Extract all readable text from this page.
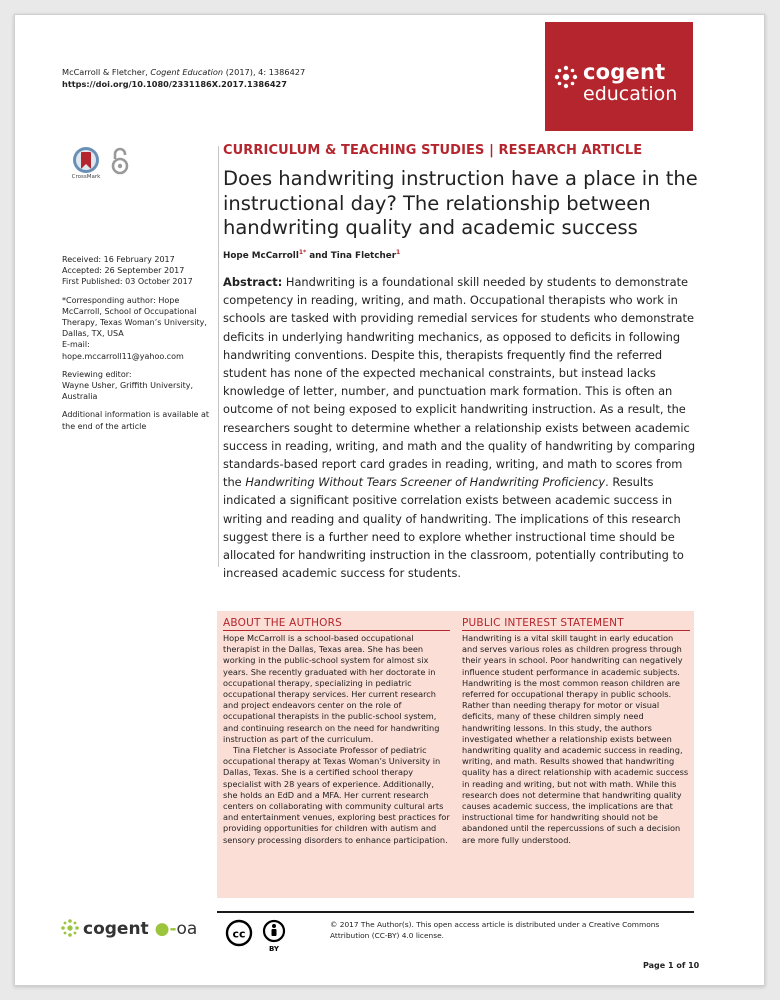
McCarroll & Fletcher, Cogent Education (2017), 4: 1386427
https://doi.org/10.1080/2331186X.2017.1386427	cogent
education
CrossMark

Received: 16 February 2017

Accepted: 26 September 2017

First Published: 03 October 2017

*Corresponding author: Hope McCarroll, School of Occupational Therapy, Texas Woman’s University, Dallas, TX, USA

E-mail: hope.mccarroll11@yahoo.com

Reviewing editor:

Wayne Usher, Griffith University, Australia

Additional information is available at the end of the article

CURRICULUM & TEACHING STUDIES | RESEARCH ARTICLE
Does handwriting instruction have a place in the instructional day? The relationship between handwriting quality and academic success
Hope McCarroll$^{1*}$ and Tina Fletcher$^1$
Abstract: Handwriting is a foundational skill needed by students to demonstrate competency in reading, writing, and math. Occupational therapists who work in schools are tasked with providing remedial services for students who demonstrate deficits in underlying handwriting mechanics, as opposed to deficits in following handwriting conventions. Despite this, therapists frequently find the referred student has none of the expected mechanical constraints, but instead lacks knowledge of letter, number, and punctuation mark formation. This is often an outcome of not being exposed to explicit handwriting instruction. As a result, the researchers sought to determine whether a relationship exists between academic success in reading, writing, and math and the quality of handwriting by comparing standards-based report card grades in reading, writing, and math to scores from the Handwriting Without Tears Screener of Handwriting Proficiency. Results indicated a significant positive correlation exists between academic success in writing and reading and quality of handwriting. The implications of this research suggest there is a further need to explore whether instructional time should be allocated for handwriting instruction in the classroom, potentially contributing to increased academic success for students.
ABOUT THE AUTHORS

Hope McCarroll is a school-based occupational therapist in the Dallas, Texas area. She has been working in the public-school system for almost six years. She recently graduated with her doctorate in occupational therapy, specializing in pediatric occupational therapy services. Her current research and project endeavors center on the role of occupational therapists in the public-school system, and continuing research on the need for handwriting instruction as part of the curriculum.

Tina Fletcher is Associate Professor of pediatric occupational therapy at Texas Woman’s University in Dallas, Texas. She is a certified school therapy specialist with 28 years of experience. Additionally, she holds an EdD and a MFA. Her current research centers on collaborating with community cultural arts and entertainment venues, exploring best practices for providing opportunities for children with autism and sensory processing disorders to enhance participation.

PUBLIC INTEREST STATEMENT

Handwriting is a vital skill taught in early education and serves various roles as children progress through their years in school. Poor handwriting can negatively influence student performance in academic subjects. Handwriting is the most common reason children are referred for occupational therapy in public schools. Rather than needing therapy for motor or visual deficits, many of these children simply need handwriting lessons. In this study, the authors investigated whether a relationship exists between handwriting quality and academic success in reading, writing, and math. Results showed that handwriting quality has a direct relationship with academic success in reading and writing, but not with math. While this research does not determine that handwriting quality causes academic success, the implications are that instructional time for handwriting should not be abandoned until the repercussions of such a decision are more fully understood.

cogent ●-oa	cc
BY
© 2017 The Author(s). This open access article is distributed under a Creative Commons Attribution (CC-BY) 4.0 license.
Page 1 of 10
